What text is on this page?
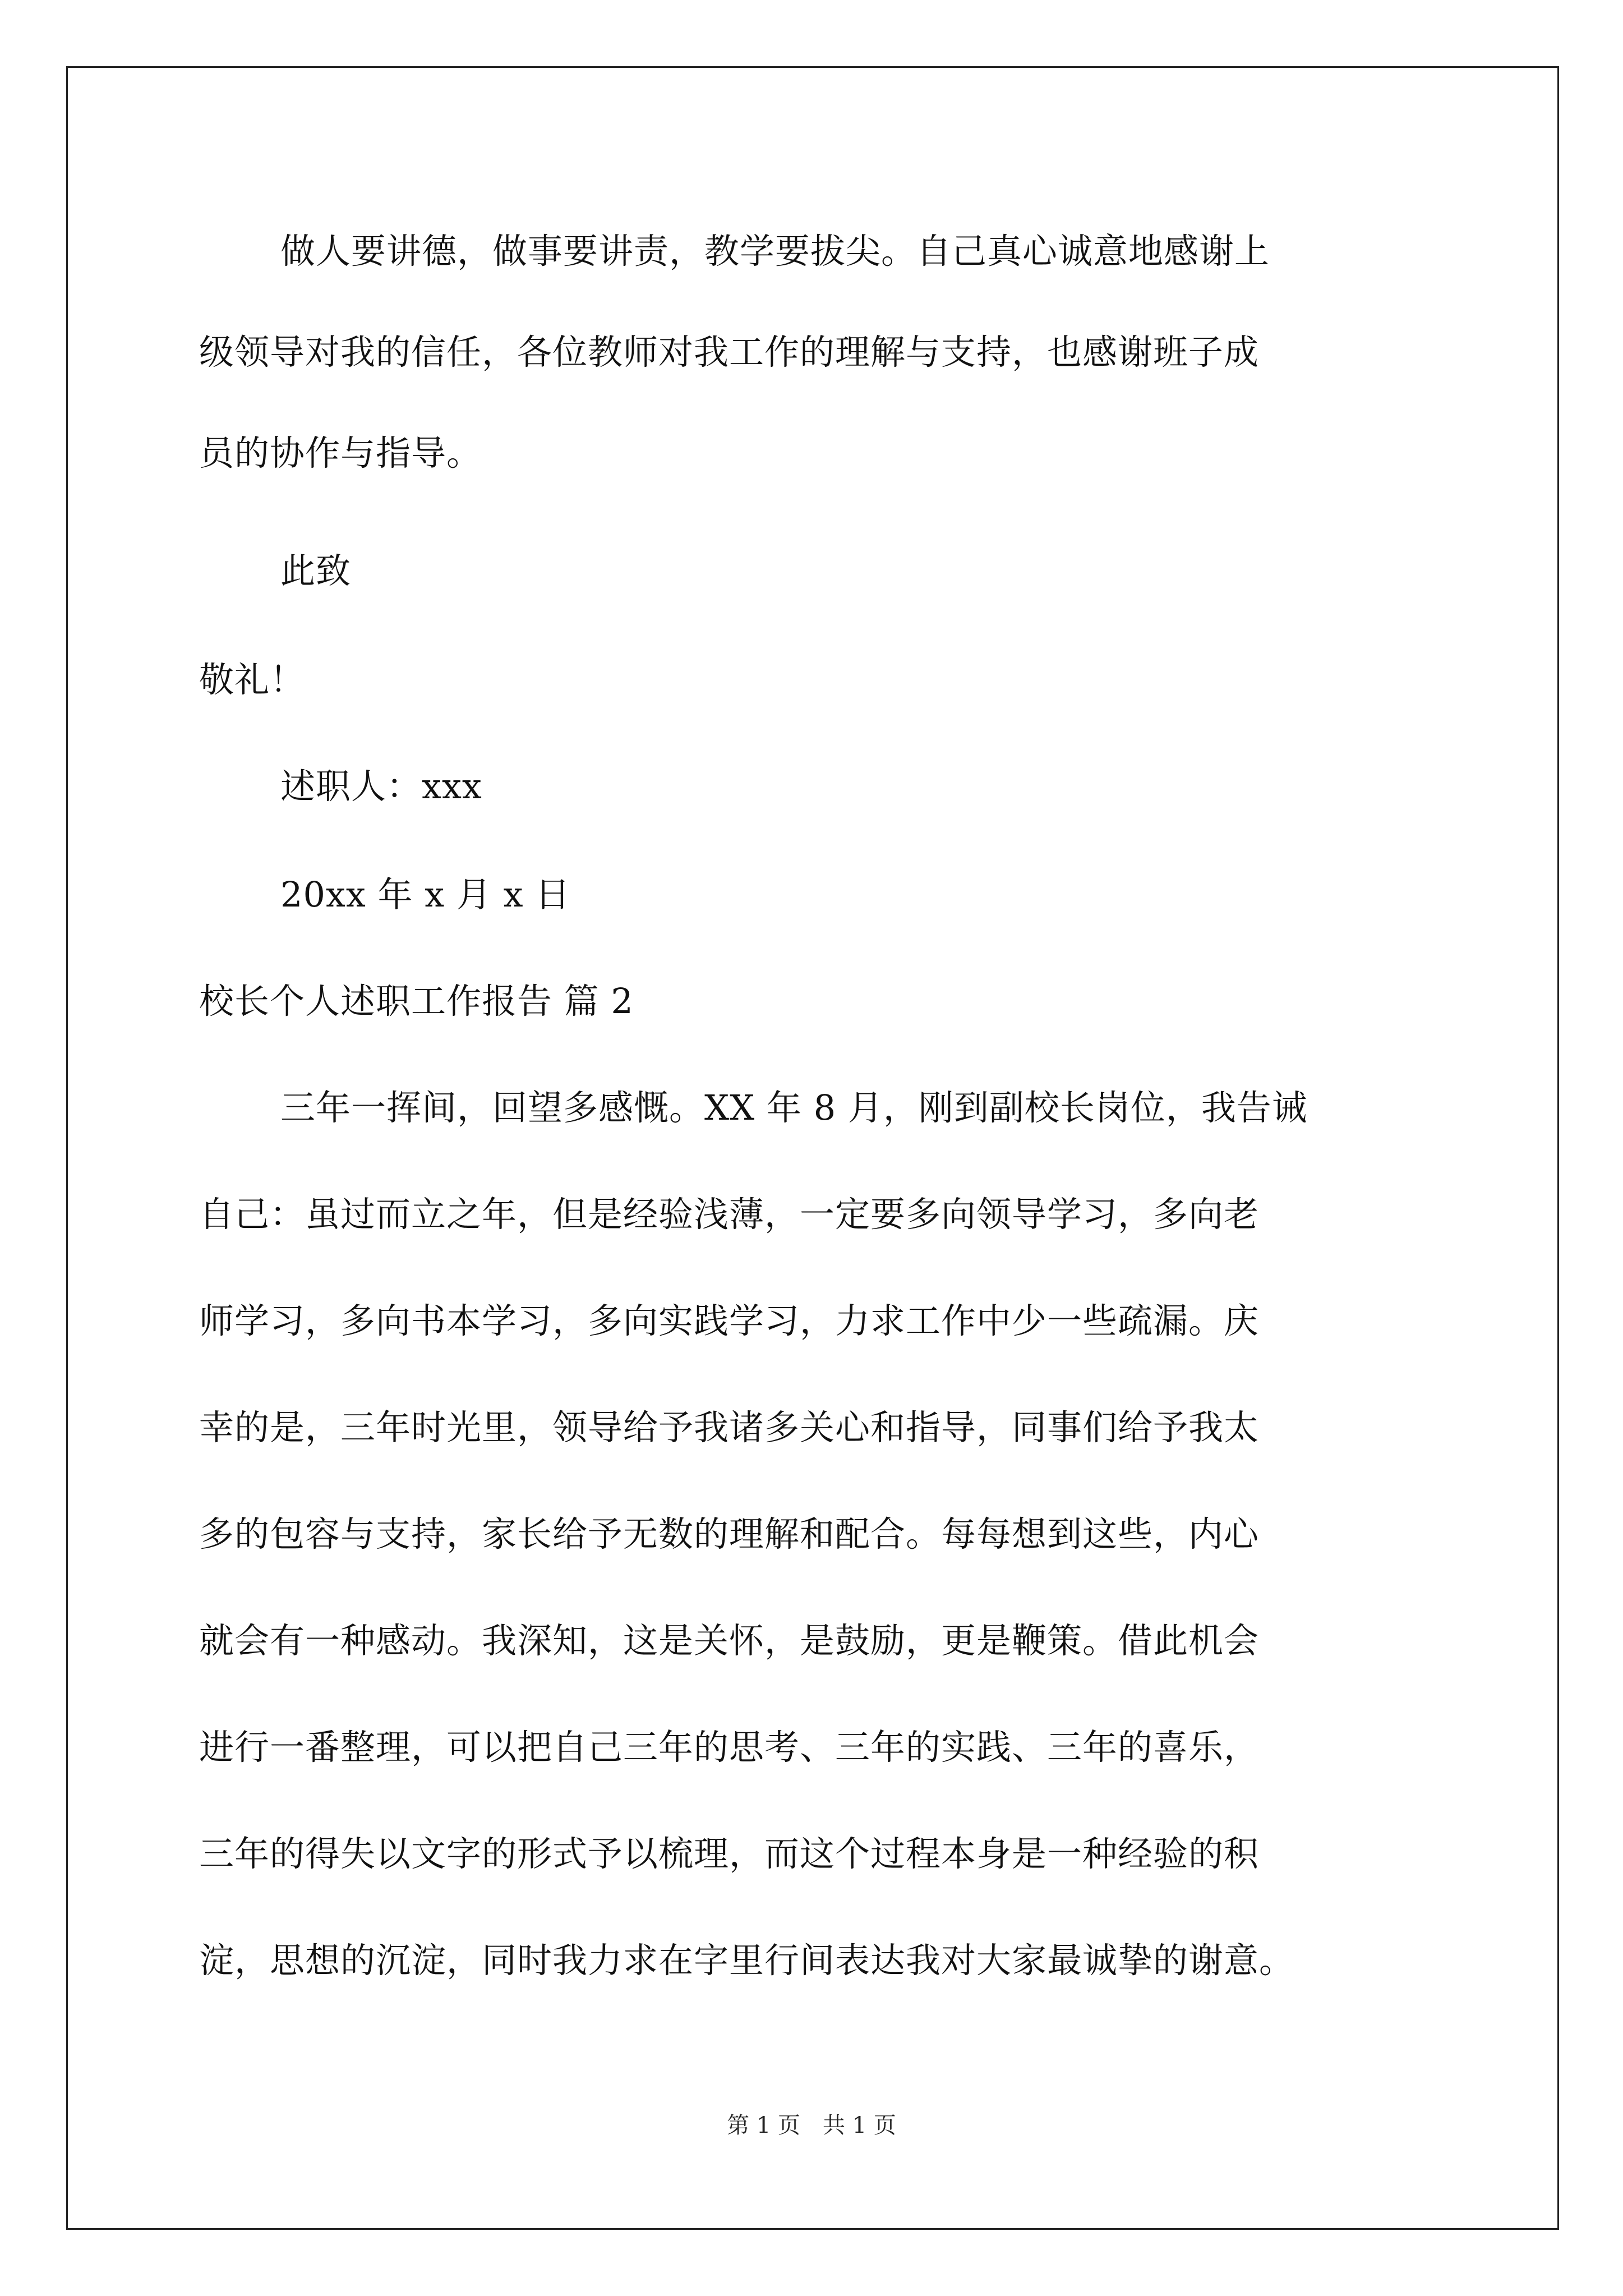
做人要讲德，做事要讲责，教学要拔尖。自己真心诚意地感谢上
级领导对我的信任，各位教师对我工作的理解与支持，也感谢班子成
员的协作与指导。
此致
敬礼！
述职人：xxx
20xx 年 x 月 x 日
校长个人述职工作报告 篇 2
三年一挥间，回望多感慨。XX 年 8 月，刚到副校长岗位，我告诫
自己：虽过而立之年，但是经验浅薄，一定要多向领导学习，多向老
师学习，多向书本学习，多向实践学习，力求工作中少一些疏漏。庆
幸的是，三年时光里，领导给予我诸多关心和指导，同事们给予我太
多的包容与支持，家长给予无数的理解和配合。每每想到这些，内心
就会有一种感动。我深知，这是关怀，是鼓励，更是鞭策。借此机会
进行一番整理，可以把自己三年的思考、三年的实践、三年的喜乐，
三年的得失以文字的形式予以梳理，而这个过程本身是一种经验的积
淀，思想的沉淀，同时我力求在字里行间表达我对大家最诚挚的谢意。
第 1 页　共 1 页
